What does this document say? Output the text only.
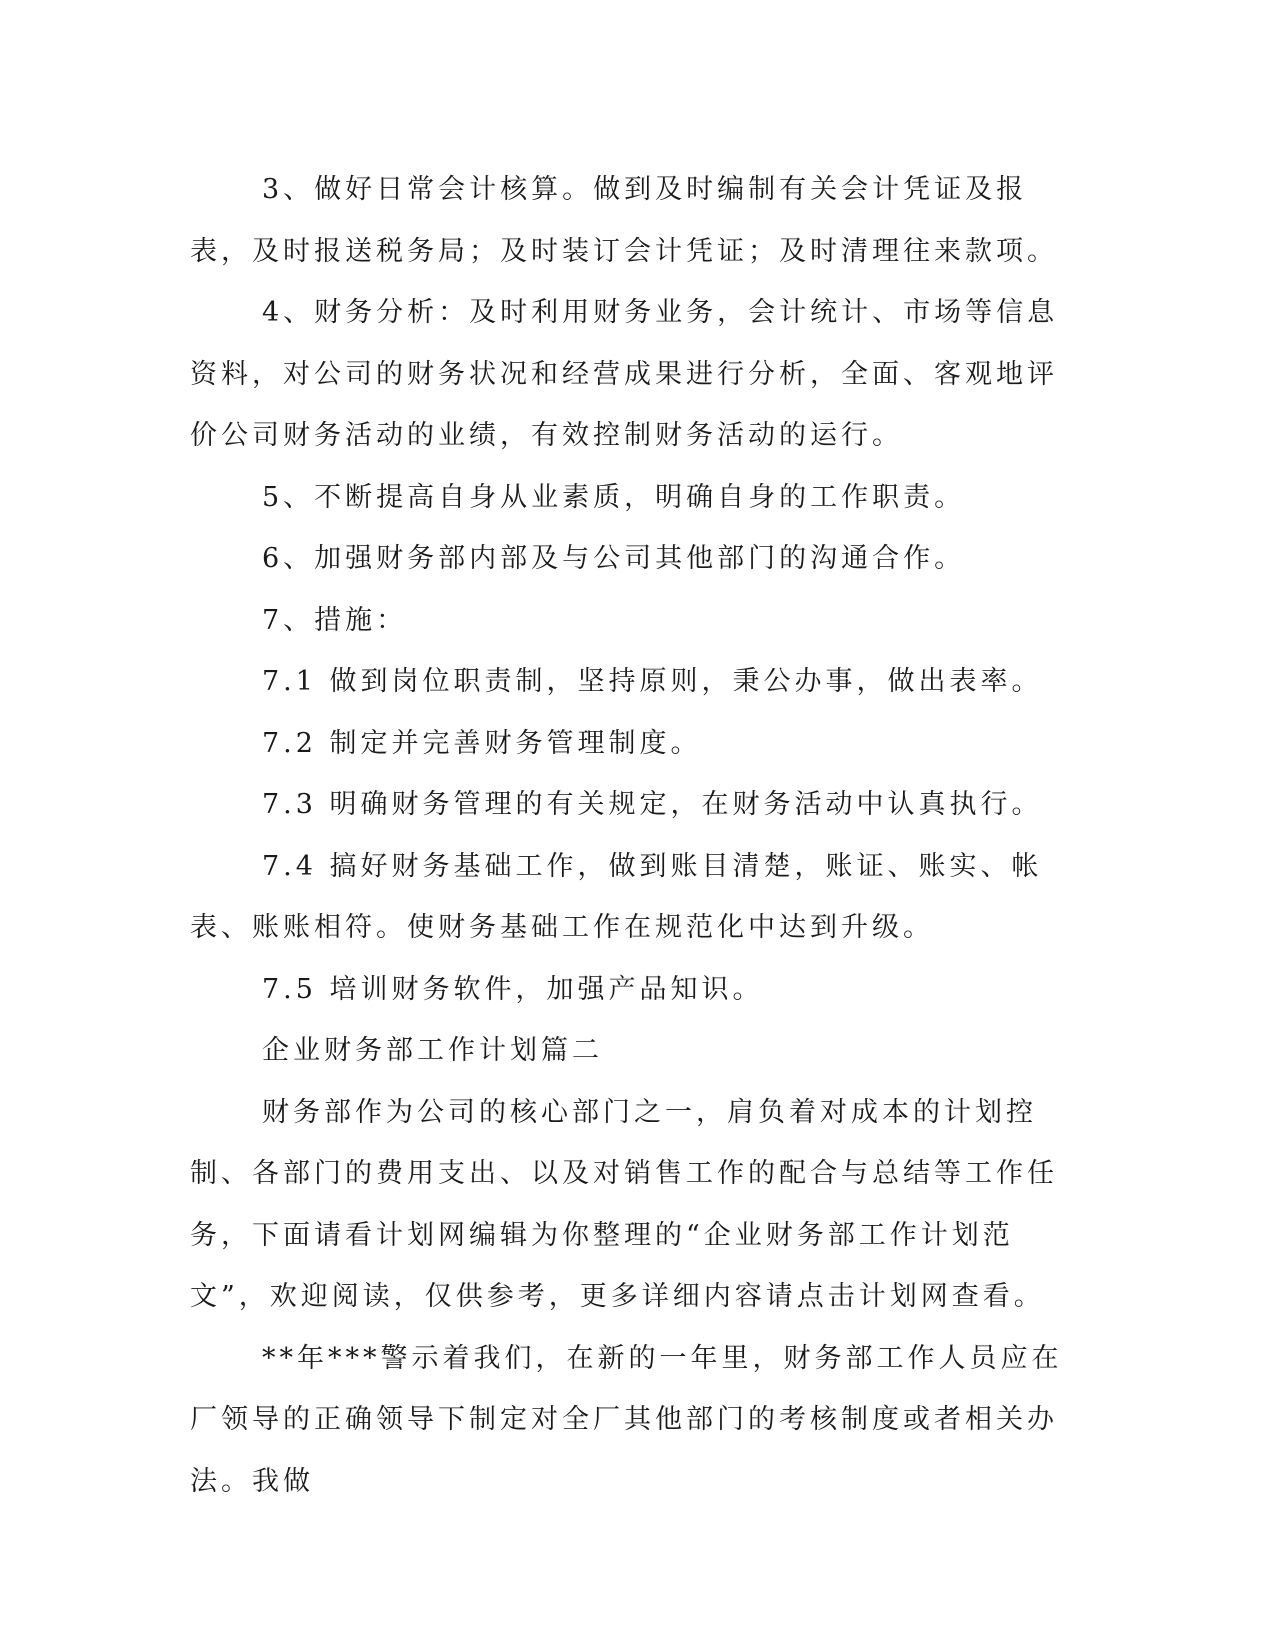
3、做好日常会计核算。做到及时编制有关会计凭证及报表，及时报送税务局；及时装订会计凭证；及时清理往来款项。

4、财务分析：及时利用财务业务，会计统计、市场等信息资料，对公司的财务状况和经营成果进行分析，全面、客观地评价公司财务活动的业绩，有效控制财务活动的运行。

5、不断提高自身从业素质，明确自身的工作职责。

6、加强财务部内部及与公司其他部门的沟通合作。

7、措施：

7.1 做到岗位职责制，坚持原则，秉公办事，做出表率。

7.2 制定并完善财务管理制度。

7.3 明确财务管理的有关规定，在财务活动中认真执行。

7.4 搞好财务基础工作，做到账目清楚，账证、账实、帐表、账账相符。使财务基础工作在规范化中达到升级。

7.5 培训财务软件，加强产品知识。

企业财务部工作计划篇二

财务部作为公司的核心部门之一，肩负着对成本的计划控制、各部门的费用支出、以及对销售工作的配合与总结等工作任务，下面请看计划网编辑为你整理的“企业财务部工作计划范文”，欢迎阅读，仅供参考，更多详细内容请点击计划网查看。

**年***警示着我们，在新的一年里，财务部工作人员应在厂领导的正确领导下制定对全厂其他部门的考核制度或者相关办法。我做
